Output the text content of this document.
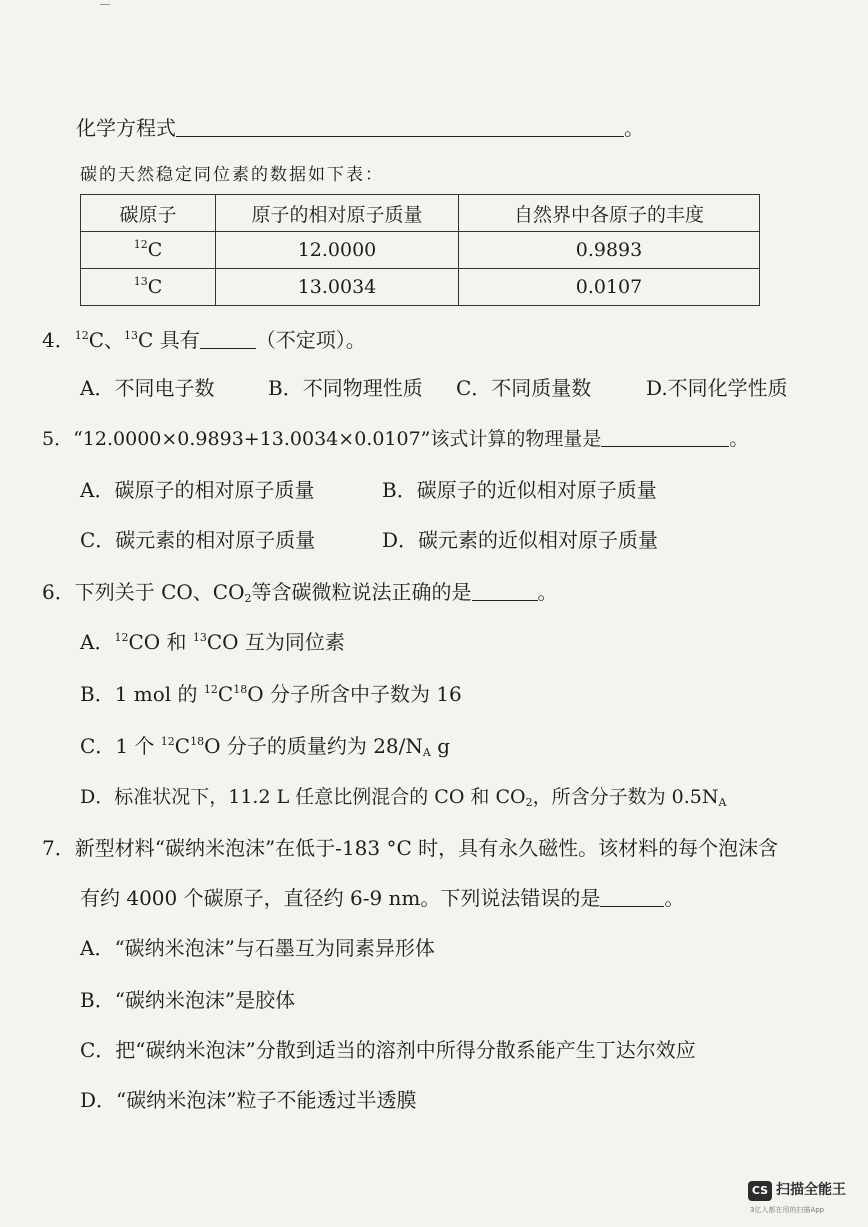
化学方程式	。
碳的天然稳定同位素的数据如下表：
碳原子	原子的相对原子质量	自然界中各原子的丰度
$^{12}$C	12.0000	0.9893
$^{13}$C	13.0034	0.0107
4．$^{12}$C、$^{13}$C 具有	（不定项）。
A．不同电子数	B．不同物理性质 C．不同质量数	D.不同化学性质
5．“12.0000×0.9893+13.0034×0.0107”该式计算的物理量是	。
A．碳原子的相对原子质量	B．碳原子的近似相对原子质量
C．碳元素的相对原子质量	D．碳元素的近似相对原子质量
6．下列关于 CO、$CO_2$等含碳微粒说法正确的是	。
A．$^{12}$CO 和 $^{13}$CO 互为同位素
B．1 mol 的 $^{12}C^{18}O$ 分子所含中子数为 16
C．1 个 $^{12}C^{18}O$ 分子的质量约为 $28/N_A$ g
D．标准状况下，11.2 L 任意比例混合的 CO 和 $CO_2$，所含分子数为 $0.5N_A$
7．新型材料“碳纳米泡沫”在低于-183 °C 时，具有永久磁性。该材料的每个泡沫含
有约 4000 个碳原子，直径约 6-9 nm。下列说法错误的是	。
A．“碳纳米泡沫”与石墨互为同素异形体
B．“碳纳米泡沫”是胶体
C．把“碳纳米泡沫”分散到适当的溶剂中所得分散系能产生丁达尔效应
D．“碳纳米泡沫”粒子不能透过半透膜
CS 扫描全能王
3亿人都在用的扫描App
